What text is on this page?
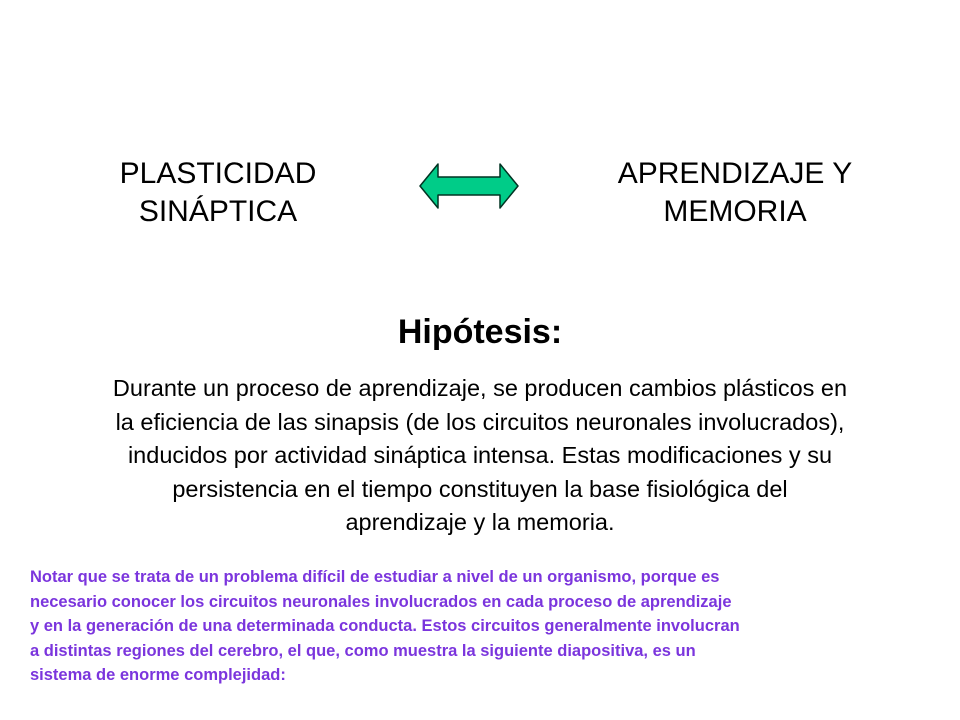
PLASTICIDAD
SINÁPTICA
APRENDIZAJE Y
MEMORIA
Hipótesis:
Durante un proceso de aprendizaje, se producen cambios plásticos en
la eficiencia de las sinapsis (de los circuitos neuronales involucrados),
inducidos por actividad sináptica intensa. Estas modificaciones y su
persistencia en el tiempo constituyen la base fisiológica del
aprendizaje y la memoria.
Notar que se trata de un problema difícil de estudiar a nivel de un organismo, porque es
necesario conocer los circuitos neuronales involucrados en cada proceso de aprendizaje
y en la generación de una determinada conducta. Estos circuitos generalmente involucran
a distintas regiones del cerebro, el que, como muestra la siguiente diapositiva, es un
sistema de enorme complejidad:
